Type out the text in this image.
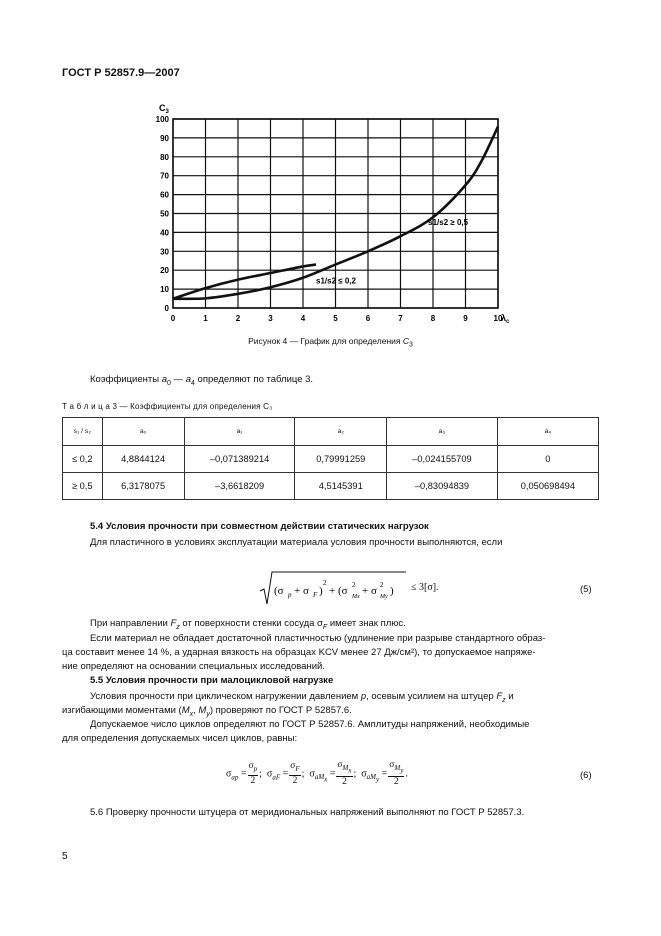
ГОСТ Р 52857.9—2007
$C_3$
$\lambda_c$
0	1	2	3	4	5	6	7	8	9	10
0
10
20
30
40
50
60
70
80
90
100
s1/s2 ≥ 0,5
s1/s2 ≤ 0,2
Рисунок 4 — График для определения $C_3$
Коэффициенты $a_0$ — $a_4$ определяют по таблице 3.
Т а б л и ц а 3 — Коэффициенты для определения C₃
s₁ / s₂	a₀	a₁	a₂	a₃	a₄
≤ 0,2	4,8844124	–0,071389214	0,79991259	–0,024155709	0
≥ 0,5	6,3178075	–3,6618209	4,5145391	–0,83094839	0,050698494
5.4 Условия прочности при совместном действии статических нагрузок
Для пластичного в условиях эксплуатации материала условия прочности выполняются, если
(σ p + σ F )
2
+ (σ 2
Mx + σ 2
My ) ≤ 3[σ].	(5)
При направлении $F_z$ от поверхности стенки сосуда $\sigma_F$ имеет знак плюс.
Если материал не обладает достаточной пластичностью (удлинение при разрыве стандартного образ-
ца составит менее 14 %, а ударная вязкость на образцах KCV менее 27 Дж/см²), то допускаемое напряже-
ние определяют на основании специальных исследований.
5.5 Условия прочности при малоцикловой нагрузке
Условия прочности при циклическом нагружении давлением p, осевым усилием на штуцер $F_z$ и
изгибающими моментами ($M_x$, $M_y$) проверяют по ГОСТ Р 52857.6.
Допускаемое число циклов определяют по ГОСТ Р 52857.6. Амплитуды напряжений, необходимые
для определения допускаемых чисел циклов, равны:
$\sigma_{ap} = \frac{\sigma_p}{2}$ ;  $\sigma_{aF} = \frac{\sigma_F}{2}$ ;  $\sigma_{aM_x} = \frac{\sigma_{M_x}}{2}$ ;  $\sigma_{aM_y} = \frac{\sigma_{M_y}}{2}$ .	(6)
5.6 Проверку прочности штуцера от меридиональных напряжений выполняют по ГОСТ Р 52857.3.
5
